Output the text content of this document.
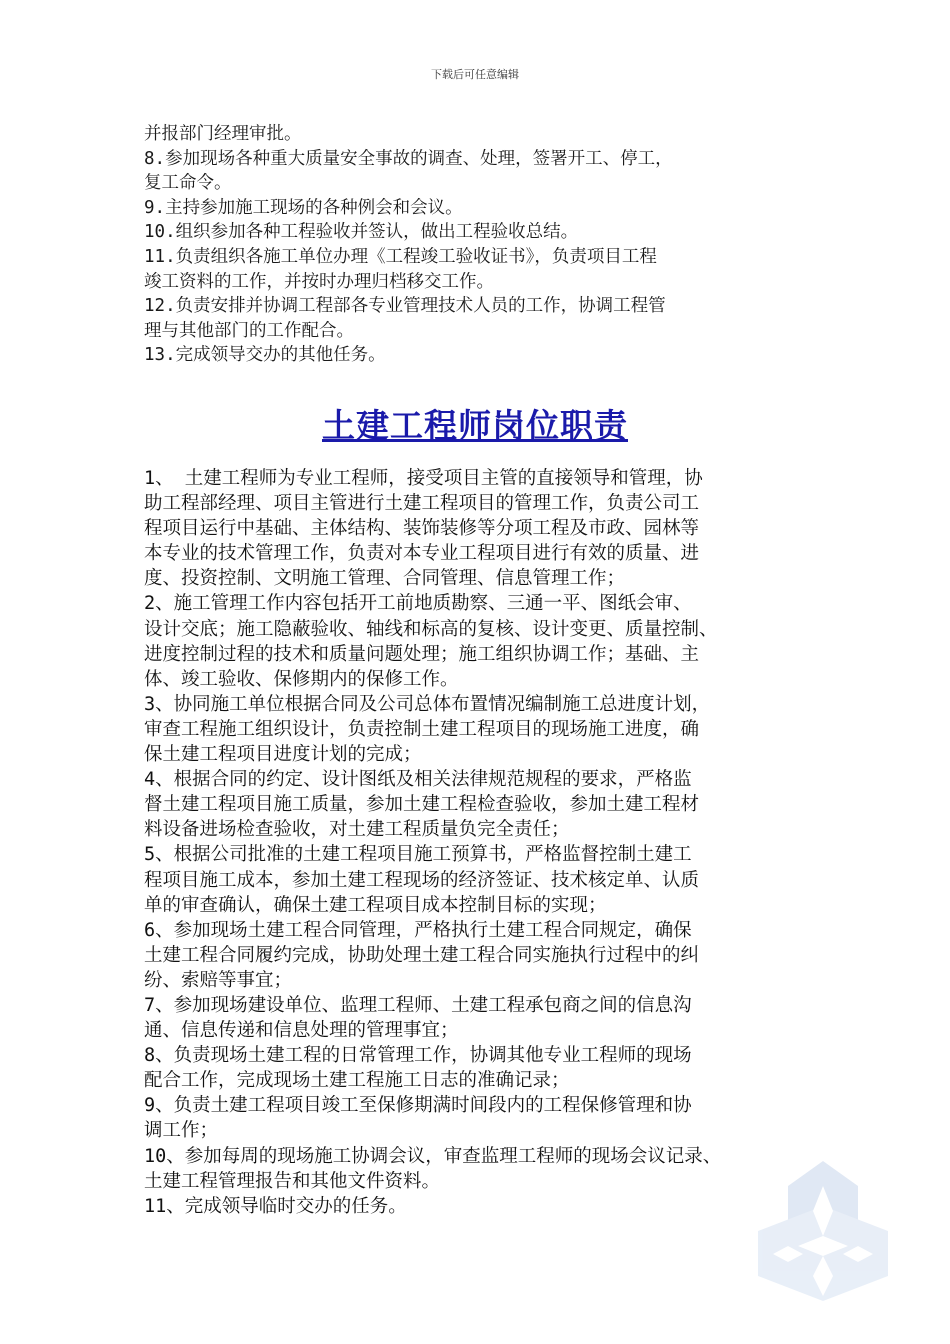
下载后可任意编辑
并报部门经理审批。
8.参加现场各种重大质量安全事故的调查、处理，签署开工、停工，
复工命令。
9.主持参加施工现场的各种例会和会议。
10.组织参加各种工程验收并签认，做出工程验收总结。
11.负责组织各施工单位办理《工程竣工验收证书》，负责项目工程
竣工资料的工作，并按时办理归档移交工作。
12.负责安排并协调工程部各专业管理技术人员的工作，协调工程管
理与其他部门的工作配合。
13.完成领导交办的其他任务。
土建工程师岗位职责
1、 土建工程师为专业工程师，接受项目主管的直接领导和管理，协
助工程部经理、项目主管进行土建工程项目的管理工作，负责公司工
程项目运行中基础、主体结构、装饰装修等分项工程及市政、园林等
本专业的技术管理工作，负责对本专业工程项目进行有效的质量、进
度、投资控制、文明施工管理、合同管理、信息管理工作；
2、施工管理工作内容包括开工前地质勘察、三通一平、图纸会审、
设计交底；施工隐蔽验收、轴线和标高的复核、设计变更、质量控制、
进度控制过程的技术和质量问题处理；施工组织协调工作；基础、主
体、竣工验收、保修期内的保修工作。
3、协同施工单位根据合同及公司总体布置情况编制施工总进度计划，
审查工程施工组织设计，负责控制土建工程项目的现场施工进度，确
保土建工程项目进度计划的完成；
4、根据合同的约定、设计图纸及相关法律规范规程的要求，严格监
督土建工程项目施工质量，参加土建工程检查验收，参加土建工程材
料设备进场检查验收，对土建工程质量负完全责任；
5、根据公司批准的土建工程项目施工预算书，严格监督控制土建工
程项目施工成本，参加土建工程现场的经济签证、技术核定单、认质
单的审查确认，确保土建工程项目成本控制目标的实现；
6、参加现场土建工程合同管理，严格执行土建工程合同规定，确保
土建工程合同履约完成，协助处理土建工程合同实施执行过程中的纠
纷、索赔等事宜；
7、参加现场建设单位、监理工程师、土建工程承包商之间的信息沟
通、信息传递和信息处理的管理事宜；
8、负责现场土建工程的日常管理工作，协调其他专业工程师的现场
配合工作，完成现场土建工程施工日志的准确记录；
9、负责土建工程项目竣工至保修期满时间段内的工程保修管理和协
调工作；
10、参加每周的现场施工协调会议，审查监理工程师的现场会议记录、
土建工程管理报告和其他文件资料。
11、完成领导临时交办的任务。
